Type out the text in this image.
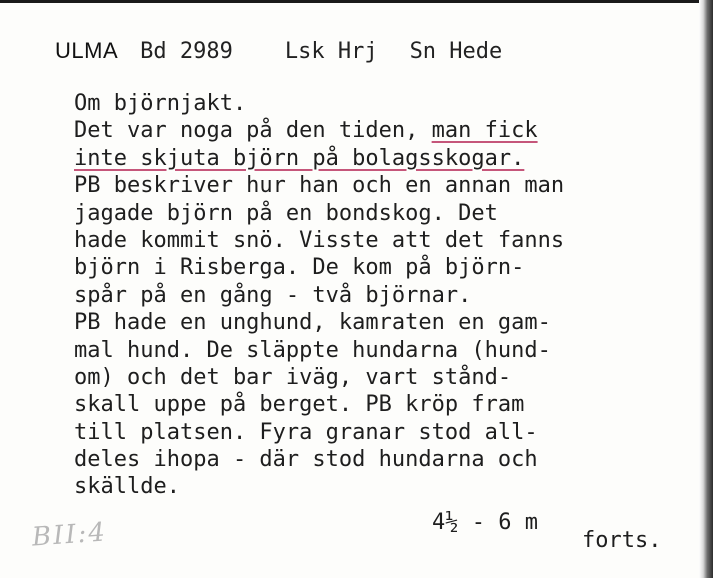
ULMA Bd 2989 Lsk Hrj Sn Hede
Om björnjakt.
Det var noga på den tiden, man fick
inte skjuta björn på bolagsskogar.
PB beskriver hur han och en annan man
jagade björn på en bondskog. Det
hade kommit snö. Visste att det fanns
björn i Risberga. De kom på björn-
spår på en gång - två björnar.
PB hade en unghund, kamraten en gam-
mal hund. De släppte hundarna (hund-
om) och det bar iväg, vart stånd-
skall uppe på berget. PB kröp fram
till platsen. Fyra granar stod all-
deles ihopa - där stod hundarna och
skällde.
4½ - 6 m
forts.
BII:4
